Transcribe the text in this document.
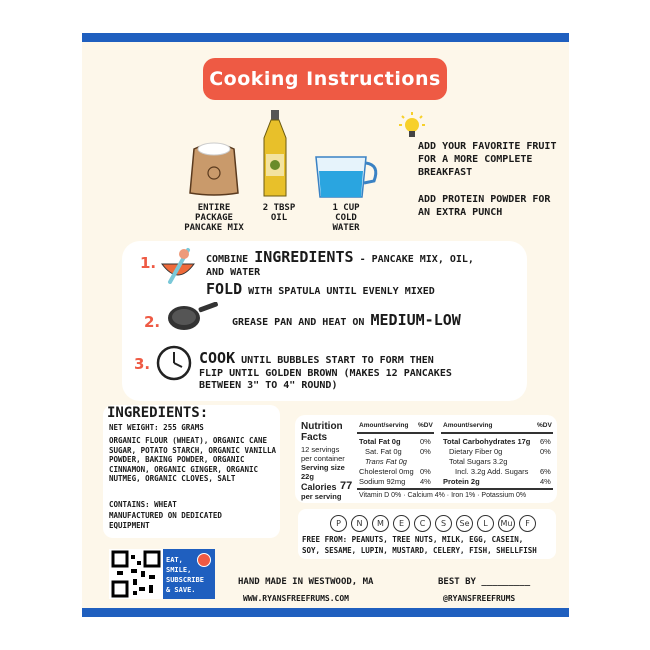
Cooking Instructions
ENTIRE
PACKAGE
PANCAKE MIX
2 TBSP
OIL
1 CUP
COLD
WATER
ADD YOUR FAVORITE FRUIT FOR A MORE COMPLETE BREAKFAST
ADD PROTEIN POWDER FOR AN EXTRA PUNCH
1.	COMBINE INGREDIENTS - PANCAKE MIX, OIL,
AND WATER
FOLD WITH SPATULA UNTIL EVENLY MIXED
2.	GREASE PAN AND HEAT ON MEDIUM-LOW
3.	COOK UNTIL BUBBLES START TO FORM THEN
FLIP UNTIL GOLDEN BROWN (MAKES 12 PANCAKES
BETWEEN 3" TO 4" ROUND)
INGREDIENTS:
NET WEIGHT: 255 GRAMS
ORGANIC FLOUR (WHEAT), ORGANIC CANE SUGAR, POTATO STARCH, ORGANIC VANILLA POWDER, BAKING POWDER, ORGANIC CINNAMON, ORGANIC GINGER, ORGANIC NUTMEG, ORGANIC CLOVES, SALT
CONTAINS: WHEAT
MANUFACTURED ON DEDICATED EQUIPMENT
Nutrition
Facts
12 servings
per container
Serving size
22g
Calories 77
per serving
Amount/serving %DV Amount/serving	%DV
Total Fat 0g	0%
Sat. Fat 0g 0%
Trans Fat 0g
Cholesterol 0mg 0%
Sodium 92mg 4%
Total Carbohydrates 17g 6%
Dietary Fiber 0g	0%
Total Sugars 3.2g
Incl. 3.2g Add. Sugars 6%
Protein 2g	4%
Vitamin D 0% · Calcium 4% · Iron 1% · Potassium 0%
P	N	M	E	C	S	Se	L	Mu	F
FREE FROM: PEANUTS, TREE NUTS, MILK, EGG, CASEIN,
SOY, SESAME, LUPIN, MUSTARD, CELERY, FISH, SHELLFISH
EAT,
SMILE,
SUBSCRIBE
& SAVE.
HAND MADE IN WESTWOOD, MA	BEST BY _________
WWW.RYANSFREEFRUMS.COM	@RYANSFREEFRUMS
